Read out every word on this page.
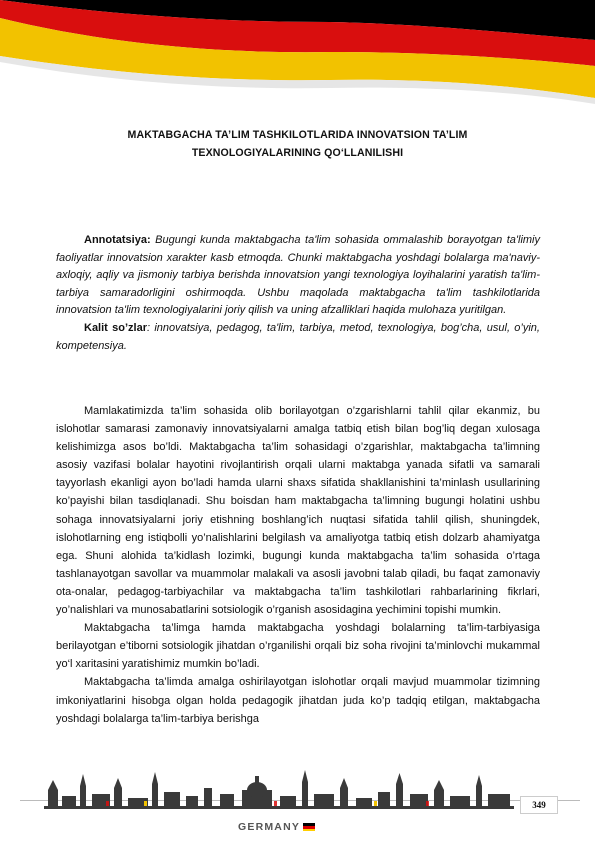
MAKTABGACHA TA’LIM TASHKILOTLARIDA INNOVATSION TA’LIM
TEXNOLOGIYALARINING QO‘LLANILISHI

Annotatsiya: Bugungi kunda maktabgacha ta'lim sohasida ommalashib borayotgan ta'limiy faoliyatlar innovatsion xarakter kasb etmoqda. Chunki maktabgacha yoshdagi bolalarga ma'naviy-axloqiy, aqliy va jismoniy tarbiya berishda innovatsion yangi texnologiya loyihalarini yaratish ta'lim-tarbiya samaradorligini oshirmoqda. Ushbu maqolada maktabgacha ta'lim tashkilotlarida innovatsion ta'lim texnologiyalarini joriy qilish va uning afzalliklari haqida mulohaza yuritilgan.

Kalit so’zlar: innovatsiya, pedagog, ta'lim, tarbiya, metod, texnologiya, bog’cha, usul, o’yin, kompetensiya.

Mamlakatimizda ta’lim sohasida olib borilayotgan o’zgarishlarni tahlil qilar ekanmiz, bu islohotlar samarasi zamonaviy innovatsiyalarni amalga tatbiq etish bilan bog’liq degan xulosaga kelishimizga asos bo’ldi. Maktabgacha ta’lim sohasidagi o’zgarishlar, maktabgacha ta’limning asosiy vazifasi bolalar hayotini rivojlantirish orqali ularni maktabga yanada sifatli va samarali tayyorlash ekanligi ayon bo’ladi hamda ularni shaxs sifatida shakllanishini ta’minlash usullarining ko’payishi bilan tasdiqlanadi. Shu boisdan ham maktabgacha ta’limning bugungi holatini ushbu sohaga innovatsiyalarni joriy etishning boshlang’ich nuqtasi sifatida tahlil qilish, shuningdek, islohotlarning eng istiqbolli yo’nalishlarini belgilash va amaliyotga tatbiq etish dolzarb ahamiyatga ega. Shuni alohida ta’kidlash lozimki, bugungi kunda maktabgacha ta’lim sohasida o’rtaga tashlanayotgan savollar va muammolar malakali va asosli javobni talab qiladi, bu faqat zamonaviy ota-onalar, pedagog-tarbiyachilar va maktabgacha ta’lim tashkilotlari rahbarlarining fikrlari, yo’nalishlari va munosabatlarini sotsiologik o’rganish asosidagina yechimini topishi mumkin.

Maktabgacha ta’limga hamda maktabgacha yoshdagi bolalarning ta’lim-tarbiyasiga berilayotgan e’tiborni sotsiologik jihatdan o’rganilishi orqali biz soha rivojini ta’minlovchi mukammal yo‘l xaritasini yaratishimiz mumkin bo’ladi.

Maktabgacha ta’limda amalga oshirilayotgan islohotlar orqali mavjud muammolar tizimning imkoniyatlarini hisobga olgan holda pedagogik jihatdan juda ko’p tadqiq etilgan, maktabgacha yoshdagi bolalarga ta’lim-tarbiya berishga

349
GERMANY
